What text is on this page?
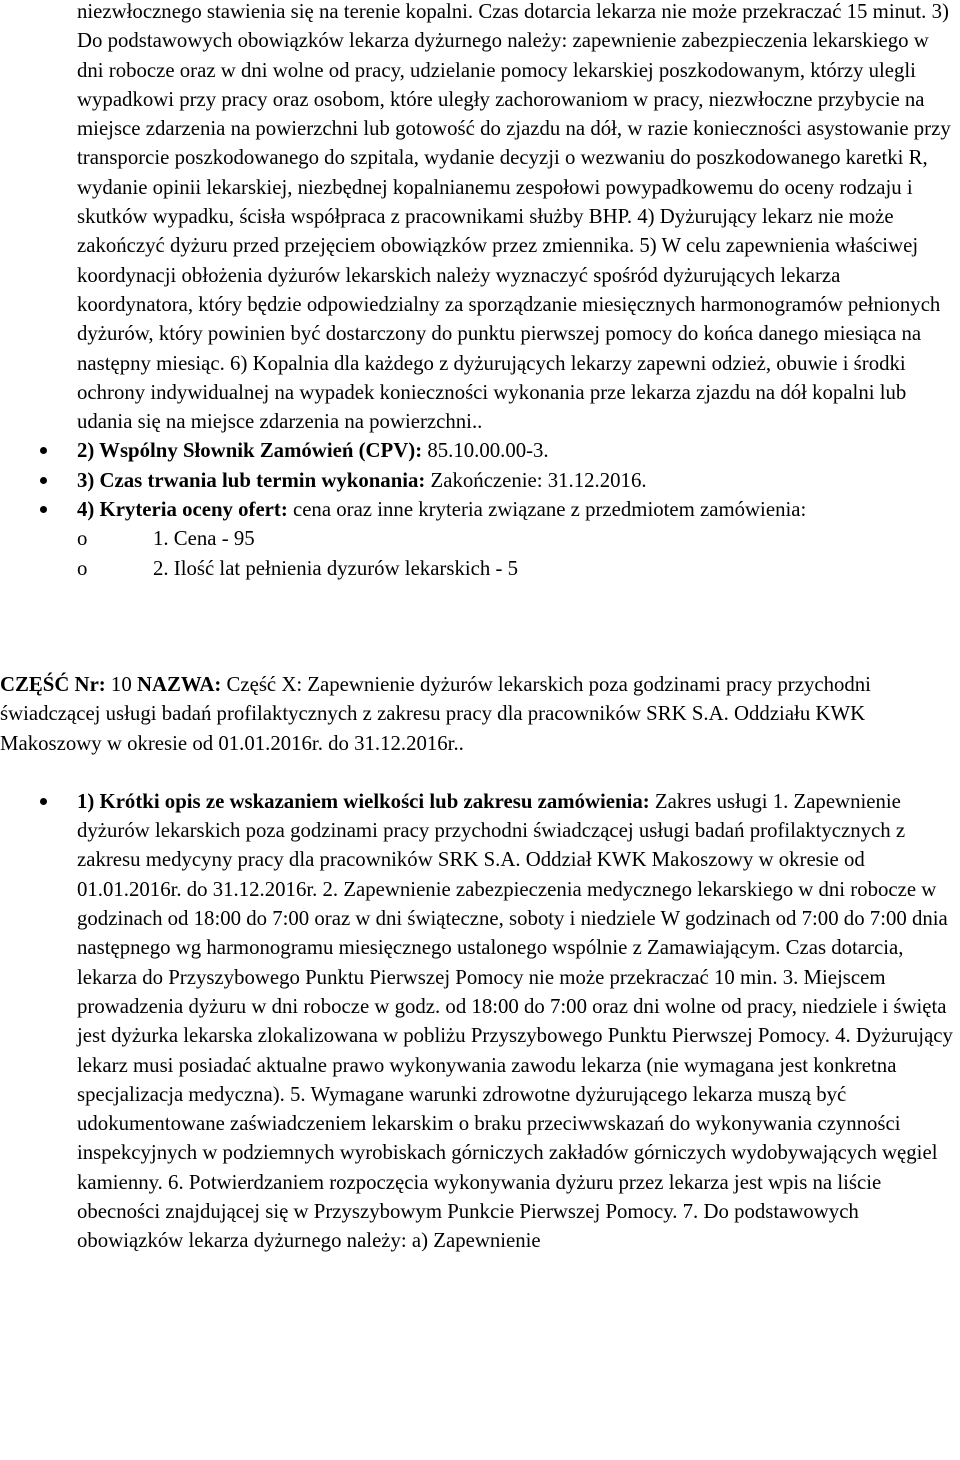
niezwłocznego stawienia się na terenie kopalni. Czas dotarcia lekarza nie może przekraczać 15 minut. 3) Do podstawowych obowiązków lekarza dyżurnego należy: zapewnienie zabezpieczenia lekarskiego w dni robocze oraz w dni wolne od pracy, udzielanie pomocy lekarskiej poszkodowanym, którzy ulegli wypadkowi przy pracy oraz osobom, które uległy zachorowaniom w pracy, niezwłoczne przybycie na miejsce zdarzenia na powierzchni lub gotowość do zjazdu na dół, w razie konieczności asystowanie przy transporcie poszkodowanego do szpitala, wydanie decyzji o wezwaniu do poszkodowanego karetki R, wydanie opinii lekarskiej, niezbędnej kopalnianemu zespołowi powypadkowemu do oceny rodzaju i skutków wypadku, ścisła współpraca z pracownikami służby BHP. 4) Dyżurujący lekarz nie może zakończyć dyżuru przed przejęciem obowiązków przez zmiennika. 5) W celu zapewnienia właściwej koordynacji obłożenia dyżurów lekarskich należy wyznaczyć spośród dyżurujących lekarza koordynatora, który będzie odpowiedzialny za sporządzanie miesięcznych harmonogramów pełnionych dyżurów, który powinien być dostarczony do punktu pierwszej pomocy do końca danego miesiąca na następny miesiąc. 6) Kopalnia dla każdego z dyżurujących lekarzy zapewni odzież, obuwie i środki ochrony indywidualnej na wypadek konieczności wykonania prze lekarza zjazdu na dół kopalni lub udania się na miejsce zdarzenia na powierzchni..

2) Wspólny Słownik Zamówień (CPV): 85.10.00.00-3.
3) Czas trwania lub termin wykonania: Zakończenie: 31.12.2016.
4) Kryteria oceny ofert: cena oraz inne kryteria związane z przedmiotem zamówienia:
o	1. Cena - 95
o	2. Ilość lat pełnienia dyzurów lekarskich - 5

CZĘŚĆ Nr: 10 NAZWA: Część X: Zapewnienie dyżurów lekarskich poza godzinami pracy przychodni świadczącej usługi badań profilaktycznych z zakresu pracy dla pracowników SRK S.A. Oddziału KWK Makoszowy w okresie od 01.01.2016r. do 31.12.2016r..

1) Krótki opis ze wskazaniem wielkości lub zakresu zamówienia: Zakres usługi 1. Zapewnienie dyżurów lekarskich poza godzinami pracy przychodni świadczącej usługi badań profilaktycznych z zakresu medycyny pracy dla pracowników SRK S.A. Oddział KWK Makoszowy w okresie od 01.01.2016r. do 31.12.2016r. 2. Zapewnienie zabezpieczenia medycznego lekarskiego w dni robocze w godzinach od 18:00 do 7:00 oraz w dni świąteczne, soboty i niedziele W godzinach od 7:00 do 7:00 dnia następnego wg harmonogramu miesięcznego ustalonego wspólnie z Zamawiającym. Czas dotarcia, lekarza do Przyszybowego Punktu Pierwszej Pomocy nie może przekraczać 10 min. 3. Miejscem prowadzenia dyżuru w dni robocze w godz. od 18:00 do 7:00 oraz dni wolne od pracy, niedziele i święta jest dyżurka lekarska zlokalizowana w pobliżu Przyszybowego Punktu Pierwszej Pomocy. 4. Dyżurujący lekarz musi posiadać aktualne prawo wykonywania zawodu lekarza (nie wymagana jest konkretna specjalizacja medyczna). 5. Wymagane warunki zdrowotne dyżurującego lekarza muszą być udokumentowane zaświadczeniem lekarskim o braku przeciwwskazań do wykonywania czynności inspekcyjnych w podziemnych wyrobiskach górniczych zakładów górniczych wydobywających węgiel kamienny. 6. Potwierdzaniem rozpoczęcia wykonywania dyżuru przez lekarza jest wpis na liście obecności znajdującej się w Przyszybowym Punkcie Pierwszej Pomocy. 7. Do podstawowych obowiązków lekarza dyżurnego należy: a) Zapewnienie
